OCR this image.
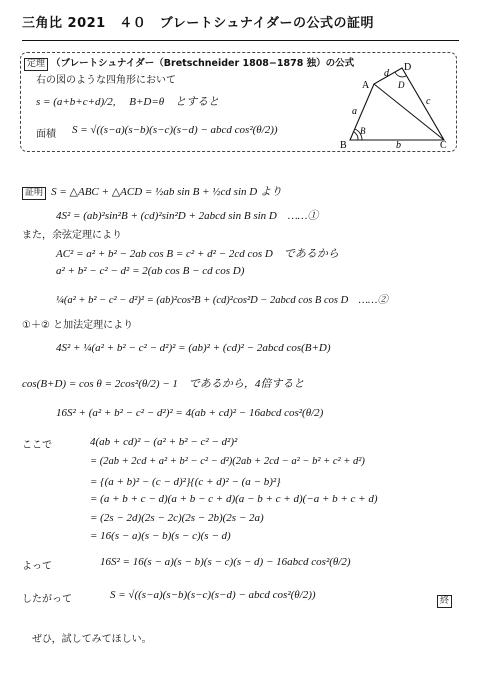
三角比 2021　４０　ブレートシュナイダーの公式の証明
定理 （ブレートシュナイダー（Bretschneider 1808−1878 独）の公式
右の図のような四角形において
s = (a+b+c+d)/2,　 B+D=θ　とすると
面積 S = √((s−a)(s−b)(s−c)(s−d) − abcd cos²(θ/2))
A
B	C
D
a
b
c
d
B
D
証明 S = △ABC + △ACD = ½ab sin B + ½cd sin D より
4S² = (ab)²sin²B + (cd)²sin²D + 2abcd sin B sin D　……①
また，余弦定理により
AC² = a² + b² − 2ab cos B = c² + d² − 2cd cos D　であるから
a² + b² − c² − d² = 2(ab cos B − cd cos D)
¼(a² + b² − c² − d²)² = (ab)²cos²B + (cd)²cos²D − 2abcd cos B cos D　……②
①＋② と加法定理により
4S² + ¼(a² + b² − c² − d²)² = (ab)² + (cd)² − 2abcd cos(B+D)
cos(B+D) = cos θ = 2cos²(θ/2) − 1　であるから，4倍すると
16S² + (a² + b² − c² − d²)² = 4(ab + cd)² − 16abcd cos²(θ/2)
ここで	4(ab + cd)² − (a² + b² − c² − d²)²
= (2ab + 2cd + a² + b² − c² − d²)(2ab + 2cd − a² − b² + c² + d²)
= {(a + b)² − (c − d)²}{(c + d)² − (a − b)²}
= (a + b + c − d)(a + b − c + d)(a − b + c + d)(−a + b + c + d)
= (2s − 2d)(2s − 2c)(2s − 2b)(2s − 2a)
= 16(s − a)(s − b)(s − c)(s − d)
よって	16S² = 16(s − a)(s − b)(s − c)(s − d) − 16abcd cos²(θ/2)
したがって	S = √((s−a)(s−b)(s−c)(s−d) − abcd cos²(θ/2))	終
ぜひ，試してみてほしい。
